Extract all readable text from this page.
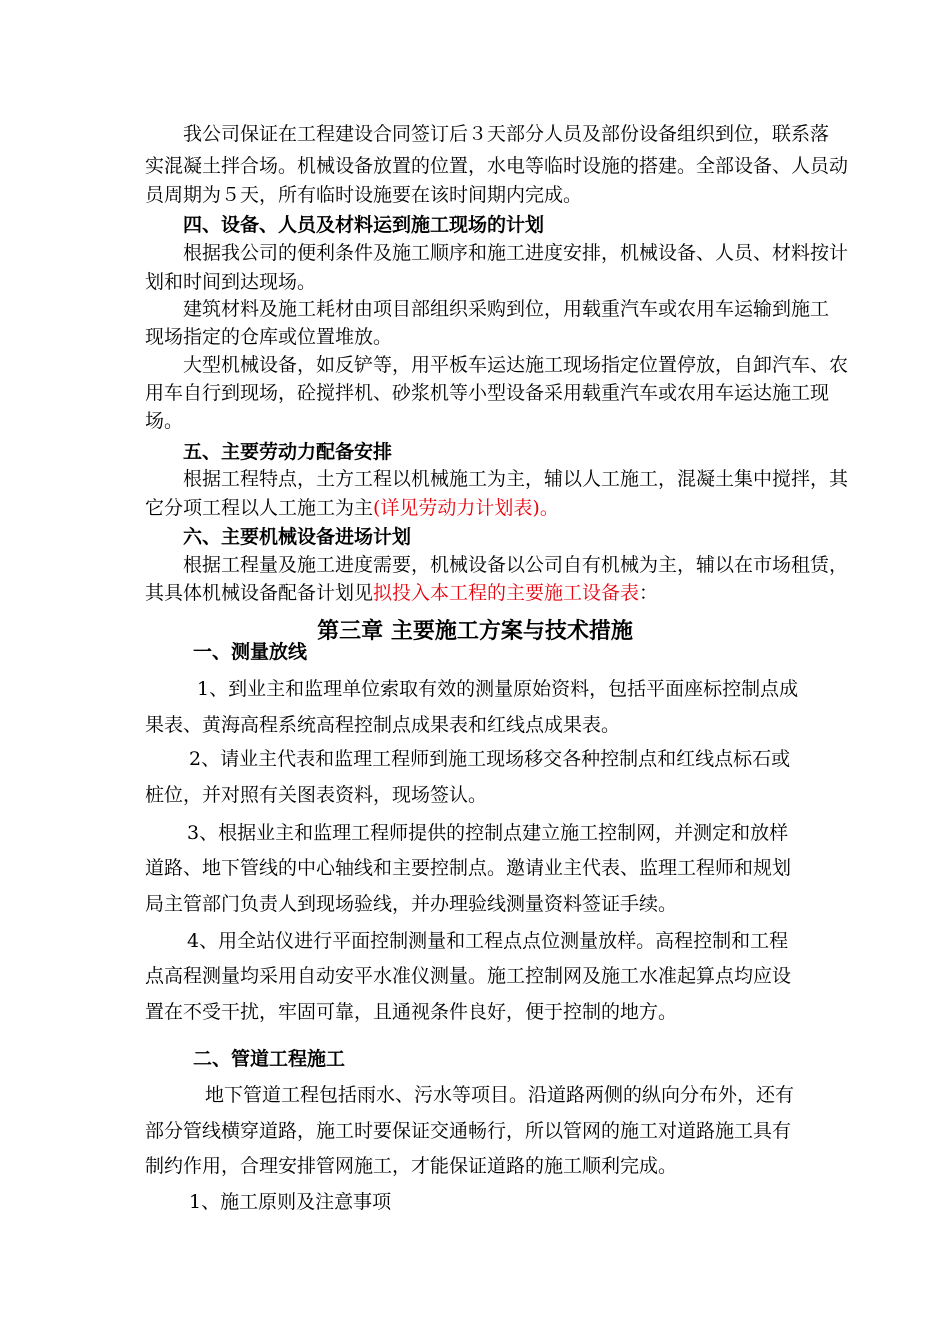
我公司保证在工程建设合同签订后３天部分人员及部份设备组织到位，联系落
实混凝土拌合场。机械设备放置的位置，水电等临时设施的搭建。全部设备、人员动
员周期为５天，所有临时设施要在该时间期内完成。
四、设备、人员及材料运到施工现场的计划
根据我公司的便利条件及施工顺序和施工进度安排，机械设备、人员、材料按计
划和时间到达现场。
建筑材料及施工耗材由项目部组织采购到位，用载重汽车或农用车运输到施工
现场指定的仓库或位置堆放。
大型机械设备，如反铲等，用平板车运达施工现场指定位置停放，自卸汽车、农
用车自行到现场，砼搅拌机、砂浆机等小型设备采用载重汽车或农用车运达施工现
场。
五、主要劳动力配备安排
根据工程特点，土方工程以机械施工为主，辅以人工施工，混凝土集中搅拌，其
它分项工程以人工施工为主(详见劳动力计划表)。
六、主要机械设备进场计划
根据工程量及施工进度需要，机械设备以公司自有机械为主，辅以在市场租赁，
其具体机械设备配备计划见拟投入本工程的主要施工设备表：
第三章 主要施工方案与技术措施
一、测量放线
1、到业主和监理单位索取有效的测量原始资料，包括平面座标控制点成
果表、黄海高程系统高程控制点成果表和红线点成果表。
2、请业主代表和监理工程师到施工现场移交各种控制点和红线点标石或
桩位，并对照有关图表资料，现场签认。
3、根据业主和监理工程师提供的控制点建立施工控制网，并测定和放样
道路、地下管线的中心轴线和主要控制点。邀请业主代表、监理工程师和规划
局主管部门负责人到现场验线，并办理验线测量资料签证手续。
4、用全站仪进行平面控制测量和工程点点位测量放样。高程控制和工程
点高程测量均采用自动安平水准仪测量。施工控制网及施工水准起算点均应设
置在不受干扰，牢固可靠，且通视条件良好，便于控制的地方。
二、管道工程施工
地下管道工程包括雨水、污水等项目。沿道路两侧的纵向分布外，还有
部分管线横穿道路，施工时要保证交通畅行，所以管网的施工对道路施工具有
制约作用，合理安排管网施工，才能保证道路的施工顺利完成。
1、施工原则及注意事项
